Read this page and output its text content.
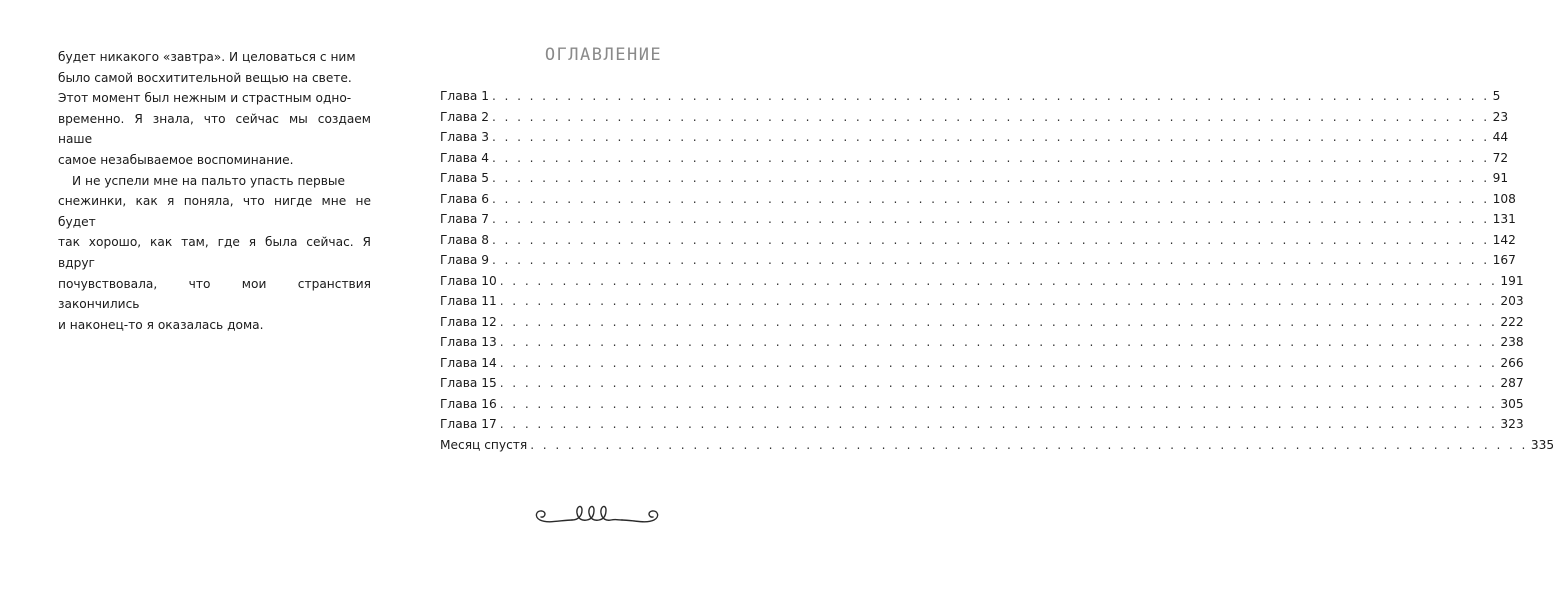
будет никакого «завтра». И целоваться с ним
было самой восхитительной вещью на свете.
Этот момент был нежным и страстным одно-
временно. Я знала, что сейчас мы создаем наше
самое незабываемое воспоминание.

И не успели мне на пальто упасть первые
снежинки, как я поняла, что нигде мне не будет
так хорошо, как там, где я была сейчас. Я вдруг
почувствовала, что мои странствия закончились
и наконец-то я оказалась дома.

ОГЛАВЛЕНИЕ
Глава 1 . . . . . . . . . . . . . . . . . . . . . . . . . . . . . . . . . . . . . . . . . . . . . . . . . . . . . . . . . . . . . . . . . . . . . . . . . . . . . . . . 5
Глава 2 . . . . . . . . . . . . . . . . . . . . . . . . . . . . . . . . . . . . . . . . . . . . . . . . . . . . . . . . . . . . . . . . . . . . . . . . . . . . . . . . 23
Глава 3 . . . . . . . . . . . . . . . . . . . . . . . . . . . . . . . . . . . . . . . . . . . . . . . . . . . . . . . . . . . . . . . . . . . . . . . . . . . . . . . . 44
Глава 4 . . . . . . . . . . . . . . . . . . . . . . . . . . . . . . . . . . . . . . . . . . . . . . . . . . . . . . . . . . . . . . . . . . . . . . . . . . . . . . . . 72
Глава 5 . . . . . . . . . . . . . . . . . . . . . . . . . . . . . . . . . . . . . . . . . . . . . . . . . . . . . . . . . . . . . . . . . . . . . . . . . . . . . . . . 91
Глава 6 . . . . . . . . . . . . . . . . . . . . . . . . . . . . . . . . . . . . . . . . . . . . . . . . . . . . . . . . . . . . . . . . . . . . . . . . . . . . . . . . 108
Глава 7 . . . . . . . . . . . . . . . . . . . . . . . . . . . . . . . . . . . . . . . . . . . . . . . . . . . . . . . . . . . . . . . . . . . . . . . . . . . . . . . . 131
Глава 8 . . . . . . . . . . . . . . . . . . . . . . . . . . . . . . . . . . . . . . . . . . . . . . . . . . . . . . . . . . . . . . . . . . . . . . . . . . . . . . . . 142
Глава 9 . . . . . . . . . . . . . . . . . . . . . . . . . . . . . . . . . . . . . . . . . . . . . . . . . . . . . . . . . . . . . . . . . . . . . . . . . . . . . . . . 167
Глава 10 . . . . . . . . . . . . . . . . . . . . . . . . . . . . . . . . . . . . . . . . . . . . . . . . . . . . . . . . . . . . . . . . . . . . . . . . . . . . . . . . 191
Глава 11 . . . . . . . . . . . . . . . . . . . . . . . . . . . . . . . . . . . . . . . . . . . . . . . . . . . . . . . . . . . . . . . . . . . . . . . . . . . . . . . . 203
Глава 12 . . . . . . . . . . . . . . . . . . . . . . . . . . . . . . . . . . . . . . . . . . . . . . . . . . . . . . . . . . . . . . . . . . . . . . . . . . . . . . . . 222
Глава 13 . . . . . . . . . . . . . . . . . . . . . . . . . . . . . . . . . . . . . . . . . . . . . . . . . . . . . . . . . . . . . . . . . . . . . . . . . . . . . . . . 238
Глава 14 . . . . . . . . . . . . . . . . . . . . . . . . . . . . . . . . . . . . . . . . . . . . . . . . . . . . . . . . . . . . . . . . . . . . . . . . . . . . . . . . 266
Глава 15 . . . . . . . . . . . . . . . . . . . . . . . . . . . . . . . . . . . . . . . . . . . . . . . . . . . . . . . . . . . . . . . . . . . . . . . . . . . . . . . . 287
Глава 16 . . . . . . . . . . . . . . . . . . . . . . . . . . . . . . . . . . . . . . . . . . . . . . . . . . . . . . . . . . . . . . . . . . . . . . . . . . . . . . . . 305
Глава 17 . . . . . . . . . . . . . . . . . . . . . . . . . . . . . . . . . . . . . . . . . . . . . . . . . . . . . . . . . . . . . . . . . . . . . . . . . . . . . . . . 323
Месяц спустя . . . . . . . . . . . . . . . . . . . . . . . . . . . . . . . . . . . . . . . . . . . . . . . . . . . . . . . . . . . . . . . . . . . . . . . . . . . . . . . . 335
